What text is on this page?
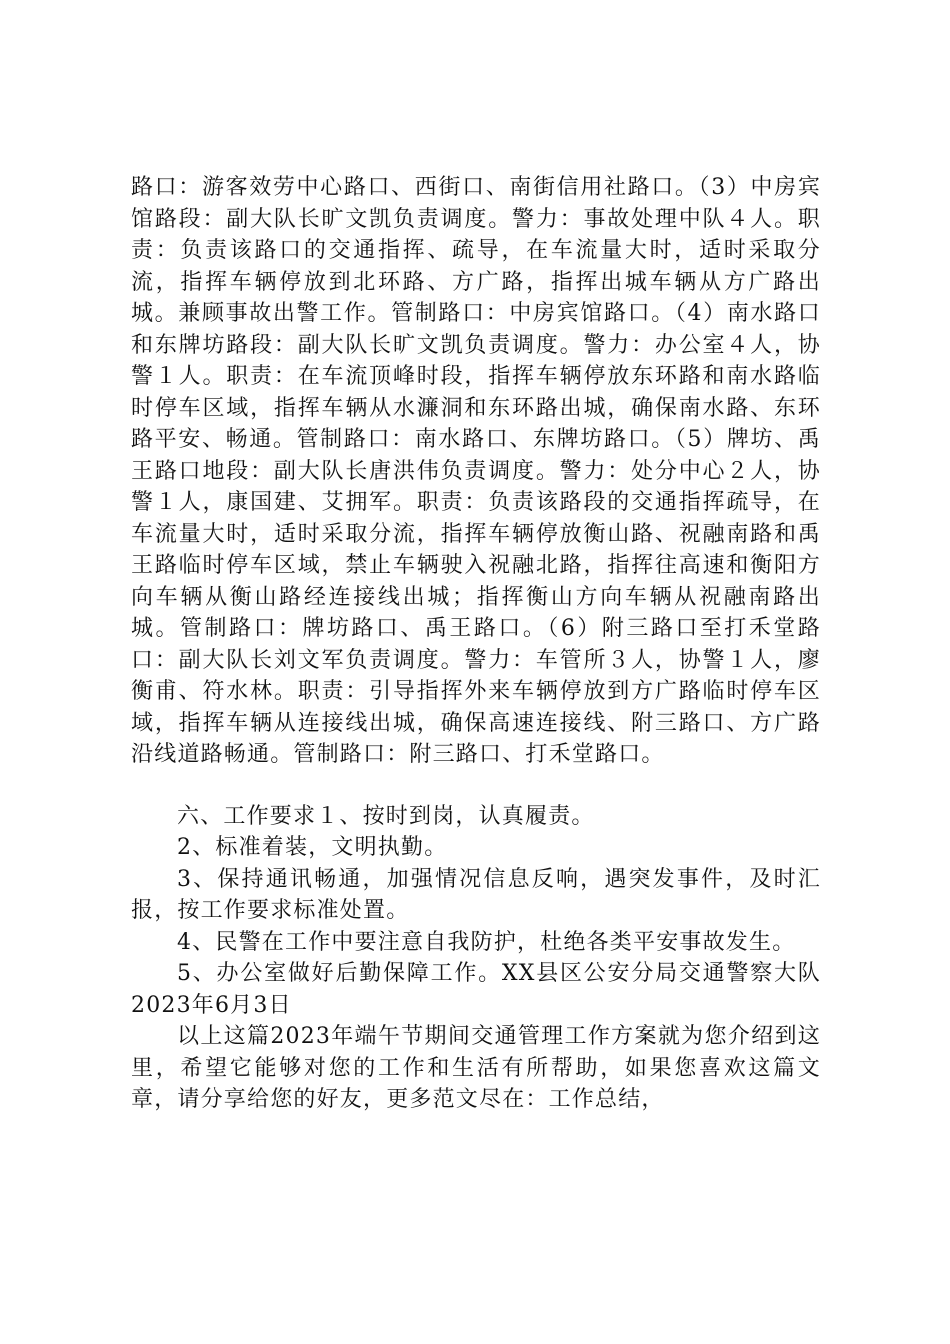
路口：游客效劳中心路口、西街口、南街信用社路口。（3）中房宾馆路段：副大队长旷文凯负责调度。警力：事故处理中队４人。职责：负责该路口的交通指挥、疏导，在车流量大时，适时采取分流，指挥车辆停放到北环路、方广路，指挥出城车辆从方广路出城。兼顾事故出警工作。管制路口：中房宾馆路口。（4）南水路口和东牌坊路段：副大队长旷文凯负责调度。警力：办公室４人，协警１人。职责：在车流顶峰时段，指挥车辆停放东环路和南水路临时停车区域，指挥车辆从水濂洞和东环路出城，确保南水路、东环路平安、畅通。管制路口：南水路口、东牌坊路口。（5）牌坊、禹王路口地段：副大队长唐洪伟负责调度。警力：处分中心２人，协警１人，康国建、艾拥军。职责：负责该路段的交通指挥疏导，在车流量大时，适时采取分流，指挥车辆停放衡山路、祝融南路和禹王路临时停车区域，禁止车辆驶入祝融北路，指挥往高速和衡阳方向车辆从衡山路经连接线出城；指挥衡山方向车辆从祝融南路出城。管制路口：牌坊路口、禹王路口。（6）附三路口至打禾堂路口：副大队长刘文军负责调度。警力：车管所３人，协警１人，廖衡甫、符水林。职责：引导指挥外来车辆停放到方广路临时停车区域，指挥车辆从连接线出城，确保高速连接线、附三路口、方广路沿线道路畅通。管制路口：附三路口、打禾堂路口。

六、工作要求１、按时到岗，认真履责。

2、标准着装，文明执勤。

3、保持通讯畅通，加强情况信息反响，遇突发事件，及时汇报，按工作要求标准处置。

4、民警在工作中要注意自我防护，杜绝各类平安事故发生。

5、办公室做好后勤保障工作。XX县区公安分局交通警察大队2023年6月3日

以上这篇2023年端午节期间交通管理工作方案就为您介绍到这里，希望它能够对您的工作和生活有所帮助，如果您喜欢这篇文章，请分享给您的好友，更多范文尽在：工作总结，
